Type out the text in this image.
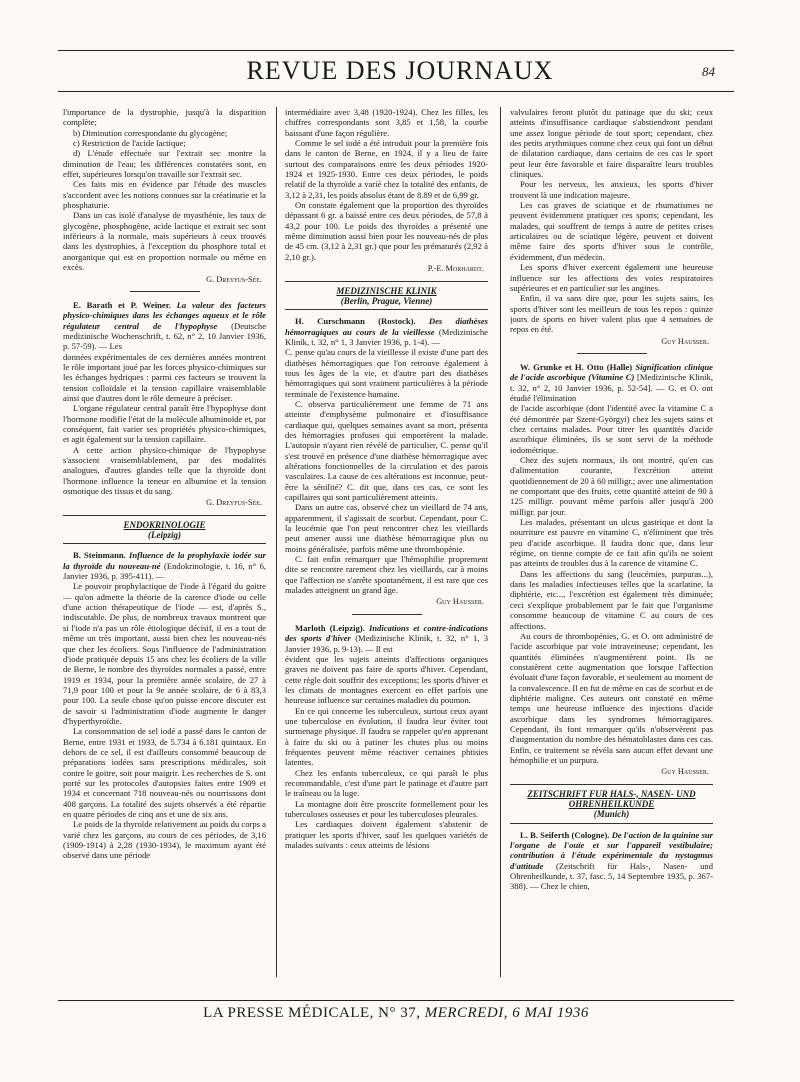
REVUE DES JOURNAUX	84

l'importance de la dystrophie, jusqu'à la disparition complète;

b) Diminution correspondante du glycogène;

c) Restriction de l'acide lactique;

d) L'étude effectuée sur l'extrait sec montre la diminution de l'eau; les différences constatées sont, en effet, supérieures lorsqu'on travaille sur l'extrait sec.

Ces faits mis en évidence par l'étude des muscles s'accordent avec les notions connues sur la créatinurie et la phosphaturie.

Dans un cas isolé d'analyse de myasthénie, les taux de glycogène, phosphogène, acide lactique et extrait sec sont inférieurs à la normale, mais supérieurs à ceux trouvés dans les dystrophies, à l'exception du phosphore total et anorganique qui est en proportion normale ou même en excès.

G. Dreyfus-Sée.

E. Barath et P. Weiner. La valeur des facteurs physico-chimiques dans les échanges aqueux et le rôle régulateur central de l'hypophyse (Deutsche medizinische Wochenschrift, t. 62, n° 2, 10 Janvier 1936, p. 57-59). — Les

données expérimentales de ces dernières années montrent le rôle important joué par les forces physico-chimiques sur les échanges hydriques : parmi ces facteurs se trouvent la tension colloïdale et la tension capillaire vraisemblable ainsi que d'autres dont le rôle demeure à préciser.

L'organe régulateur central paraît être l'hypophyse dont l'hormone modifie l'état de la molécule albuminoïde et, par conséquent, fait varier ses propriétés physico-chimiques, et agit également sur la tension capillaire.

A cette action physico-chimique de l'hypophyse s'associent vraisemblablement, par des modalités analogues, d'autres glandes telle que la thyroïde dont l'hormone influence la teneur en albumine et la tension osmotique des tissus et du sang.

G. Dreyfus-Sée.
ENDOKRINOLOGIE
(Leipzig)

B. Steinmann. Influence de la prophylaxie iodée sur la thyroïde du nouveau-né (Endokrinologie, t. 16, n° 6, Janvier 1936, p. 395-411). —

Le pouvoir prophylactique de l'iode à l'égard du goitre — qu'on admette la théorie de la carence d'iode ou celle d'une action thérapeutique de l'iode — est, d'après S., indiscutable. De plus, de nombreux travaux montrent que si l'iode n'a pas un rôle étiologique décisif, il en a tout de même un très important, aussi bien chez les nouveau-nés que chez les écoliers. Sous l'influence de l'administration d'iode pratiquée depuis 15 ans chez les écoliers de la ville de Berne, le nombre des thyroïdes normales a passé, entre 1919 et 1934, pour la première année scolaire, de 27 à 71,9 pour 100 et pour la 9e année scolaire, de 6 à 83,3 pour 100. La seule chose qu'on puisse encore discuter est de savoir si l'administration d'iode augmente le danger d'hyperthyroïdie.

La consommation de sel iodé a passé dans le canton de Berne, entre 1931 et 1933, de 5.734 à 6.181 quintaux. En dehors de ce sel, il est d'ailleurs consommé beaucoup de préparations iodées sans prescriptions médicales, soit contre le goitre, soit pour maigrir. Les recherches de S. ont porté sur les protocoles d'autopsies faites entre 1909 et 1934 et concernant 718 nouveau-nés ou nourrissons dont 408 garçons. La totalité des sujets observés a été répartie en quatre périodes de cinq ans et une de six ans.

Le poids de la thyroïde relativement au poids du corps a varié chez les garçons, au cours de ces périodes, de 3,16 (1909-1914) à 2,28 (1930-1934), le maximum ayant été observé dans une période

intermédiaire avec 3,48 (1920-1924). Chez les filles, les chiffres correspondants sont 3,85 et 1,58, la courbe baissant d'une façon régulière.

Comme le sel iodé a été introduit pour la première fois dans le canton de Berne, en 1924, il y a lieu de faire surtout des comparaisons entre les deux périodes 1920-1924 et 1925-1930. Entre ces deux périodes, le poids relatif de la thyroïde a varié chez la totalité des enfants, de 3,12 à 2,31, les poids absolus étant de 8.89 et de 6,99 gr.

On constate également que la proportion des thyroïdes dépassant 6 gr. a baissé entre ces deux périodes, de 57,8 à 43,2 pour 100. Le poids des thyroïdes a présenté une même diminution aussi bien pour les nouveau-nés de plus de 45 cm. (3,12 à 2,31 gr.) que pour les prématurés (2,92 à 2,10 gr.).

P.-E. Morhardt.
MEDIZINISCHE KLINIK
(Berlin, Prague, Vienne)

H. Curschmann (Rostock). Des diathèses hémorragiques au cours de la vieillesse (Medizinische Klinik, t. 32, n° 1, 3 Janvier 1936, p. 1-4). —

C. pense qu'au cours de la vieillesse il existe d'une part des diathèses hémorragiques que l'on retrouve également à tous les âges de la vie, et d'autre part des diathèses hémorragiques qui sont vraiment particulières à la période terminale de l'existence humaine.

C. observa particulièrement une femme de 71 ans atteinte d'emphysème pulmonaire et d'insuffisance cardiaque qui, quelques semaines avant sa mort, présenta des hémorragies profuses qui emportèrent la malade. L'autopsie n'ayant rien révélé de particulier, C. pense qu'il s'est trouvé en présence d'une diathèse hémorragique avec altérations fonctionnelles de la circulation et des parois vasculaires. La cause de ces altérations est inconnue, peut-être la sénilité? C. dit que, dans ces cas, ce sont les capillaires qui sont particulièrement atteints.

Dans un autre cas, observé chez un vieillard de 74 ans, apparemment, il s'agissait de scorbut. Cependant, pour C. la leucémie que l'on peut rencontrer chez les vieillards peut amener aussi une diathèse hémorragique plus ou moins généralisée, parfois même une thrombopénie.

C. fait enfin remarquer que l'hémophilie proprement dite se rencontre rarement chez les vieillards, car à moins que l'affection ne s'arrête spontanément, il est rare que ces malades atteignent un grand âge.

Guy Hausser.

Marloth (Leipzig). Indications et contre-indications des sports d'hiver (Medizinische Klinik, t. 32, n° 1, 3 Janvier 1936, p. 9-13). — Il est

évident que les sujets atteints d'affections organiques graves ne doivent pas faire de sports d'hiver. Cependant, cette règle doit souffrir des exceptions; les sports d'hiver et les climats de montagnes exercent en effet parfois une heureuse influence sur certaines maladies du poumon.

En ce qui concerne les tuberculeux, surtout ceux ayant une tuberculose en évolution, il faudra leur éviter tout surmenage physique. Il faudra se rappeler qu'en apprenant à faire du ski ou à patiner les chutes plus ou moins fréquentes peuvent même réactiver certaines phtisies latentes.

Chez les enfants tuberculeux, ce qui paraît le plus recommandable, c'est d'une part le patinage et d'autre part le traîneau ou la luge.

La montagne doit être proscrite formellement pour les tuberculoses osseuses et pour les tuberculoses pleurales.

Les cardiaques doivent également s'abstenir de pratiquer les sports d'hiver, sauf les quelques variétés de malades suivants : ceux atteints de lésions

valvulaires feront plutôt du patinage que du ski; ceux atteints d'insuffisance cardiaque s'abstiendront pendant une assez longue période de tout sport; cependant, chez des petits arythmiques comme chez ceux qui font un début de dilatation cardiaque, dans certains de ces cas le sport peut leur être favorable et faire disparaître leurs troubles cliniques.

Pour les nerveux, les anxieux, les sports d'hiver trouvent là une indication majeure.

Les cas graves de sciatique et de rhumatismes ne peuvent évidemment pratiquer ces sports; cependant, les malades, qui souffrent de temps à autre de petites crises articulaires ou de sciatique légère, peuvent et doivent même faire des sports d'hiver sous le contrôle, évidemment, d'un médecin.

Les sports d'hiver exercent également une heureuse influence sur les affections des voies respiratoires supérieures et en particulier sur les angines.

Enfin, il va sans dire que, pour les sujets sains, les sports d'hiver sont les meilleurs de tous les repos : quinze jours de sports en hiver valent plus que 4 semaines de repos en été.

Guy Hausser.

W. Grunke et H. Otto (Halle) Signification clinique de l'acide ascorbique (Vitamine C) [Medizinische Klinik, t. 32, n° 2, 10 Janvier 1936, p. 52-54]. — G. et O. ont étudié l'élimination

de l'acide ascorbique (dont l'identité avec la vitamine C a été démontrée par Szent-Györgyi) chez les sujets sains et chez certains malades. Pour titrer les quantités d'acide ascorbique éliminées, ils se sont servi de la méthode iodométrique.

Chez des sujets normaux, ils ont montré, qu'en cas d'alimentation courante, l'excrétion atteint quotidiennement de 20 à 60 milligr.; avec une alimentation ne comportant que des fruits, cette quantité atteint de 90 à 125 milligr. pouvant même parfois aller jusqu'à 200 milligr. par jour.

Les malades, présentant un ulcus gastrique et dont la nourriture est pauvre en vitamine C, n'éliminent que très peu d'acide ascorbique. Il faudra donc que, dans leur régime, on tienne compte de ce fait afin qu'ils ne soient pas atteints de troubles dus à la carence de vitamine C.

Dans les affections du sang (leucémies, purpuras...), dans les maladies infectieuses telles que la scarlatine, la diphtérie, etc..., l'excrétion est également très diminuée; ceci s'explique probablement par le fait que l'organisme consomme beaucoup de vitamine C au cours de ces affections.

Au cours de thrombopénies, G. et O. ont administré de l'acide ascorbique par voie intraveineuse; cependant, les quantités éliminées n'augmentèrent point. Ils ne constatèrent cette augmentation que lorsque l'affection évoluait d'une façon favorable, et seulement au moment de la convalescence. Il en fut de même en cas de scorbut et de diphtérie maligne. Ces auteurs ont constaté en même temps une heureuse influence des injections d'acide ascorbique dans les syndromes hémorragipares. Cependant, ils font remarquer qu'ils n'observèrent pas d'augmentation du nombre des hématoblastes dans ces cas. Enfin, ce traitement se révéla sans aucun effet devant une hémophilie et un purpura.

Guy Hausser.
ZEITSCHRIFT FUR HALS-, NASEN- UND OHRENHEILKUNDE
(Munich)

L. B. Seiferth (Cologne). De l'action de la quinine sur l'organe de l'ouïe et sur l'appareil vestibulaire; contribution à l'étude expérimentale du nystagmus d'attitude (Zeitschrift für Hals-, Nasen- und Ohrenheilkunde, t. 37, fasc. 5, 14 Septembre 1935, p. 367-388). — Chez le chien,

LA PRESSE MÉDICALE, N° 37, MERCREDI, 6 MAI 1936
